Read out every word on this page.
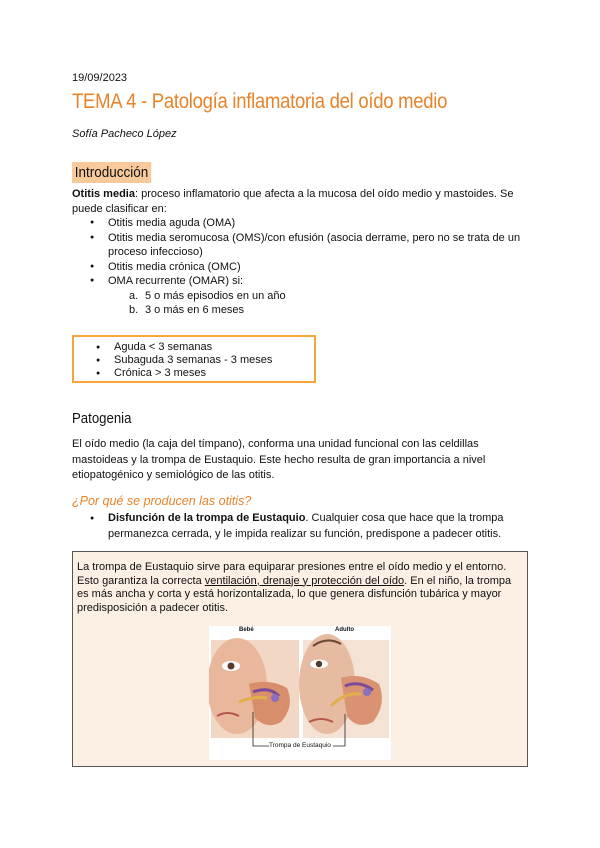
19/09/2023
TEMA 4 - Patología inflamatoria del oído medio
Sofía Pacheco López
Introducción
Otitis media: proceso inflamatorio que afecta a la mucosa del oído medio y mastoides. Se
puede clasificar en:
● Otitis media aguda (OMA)
● Otitis media seromucosa (OMS)/con efusión (asocia derrame, pero no se trata de un
proceso infeccioso)
● Otitis media crónica (OMC)
● OMA recurrente (OMAR) si:
a. 5 o más episodios en un año
b. 3 o más en 6 meses
● Aguda < 3 semanas
● Subaguda 3 semanas - 3 meses
● Crónica > 3 meses
Patogenia
El oído medio (la caja del tímpano), conforma una unidad funcional con las celdillas
mastoideas y la trompa de Eustaquio. Este hecho resulta de gran importancia a nivel
etiopatogénico y semiológico de las otitis.
¿Por qué se producen las otitis?
● Disfunción de la trompa de Eustaquio. Cualquier cosa que hace que la trompa
permanezca cerrada, y le impida realizar su función, predispone a padecer otitis.
La trompa de Eustaquio sirve para equiparar presiones entre el oído medio y el entorno.
Esto garantiza la correcta ventilación, drenaje y protección del oído. En el niño, la trompa
es más ancha y corta y está horizontalizada, lo que genera disfunción tubárica y mayor
predisposición a padecer otitis.
Bebé	Adulto
Trompa de Eustaquio
